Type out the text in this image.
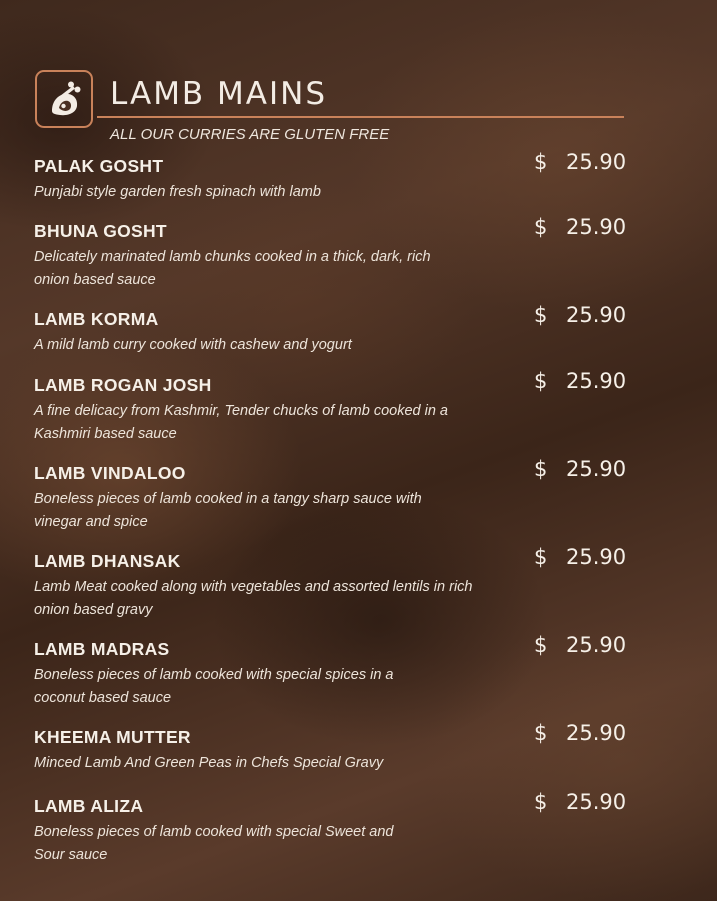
LAMB MAINS

ALL OUR CURRIES ARE GLUTEN FREE

PALAK GOSHT
Punjabi style garden fresh spinach with lamb
$ 25.90
BHUNA GOSHT
Delicately marinated lamb chunks cooked in a thick, dark, rich onion based sauce
$ 25.90
LAMB KORMA
A mild lamb curry cooked with cashew and yogurt
$ 25.90
LAMB ROGAN JOSH
A fine delicacy from Kashmir, Tender chucks of lamb cooked in a Kashmiri based sauce
$ 25.90
LAMB VINDALOO
Boneless pieces of lamb cooked in a tangy sharp sauce with vinegar and spice
$ 25.90
LAMB DHANSAK
Lamb Meat cooked along with vegetables and assorted lentils in rich onion based gravy
$ 25.90
LAMB MADRAS
Boneless pieces of lamb cooked with special spices in a coconut based sauce
$ 25.90
KHEEMA MUTTER
Minced Lamb And Green Peas in Chefs Special Gravy
$ 25.90
LAMB ALIZA
Boneless pieces of lamb cooked with special Sweet and Sour sauce
$ 25.90
